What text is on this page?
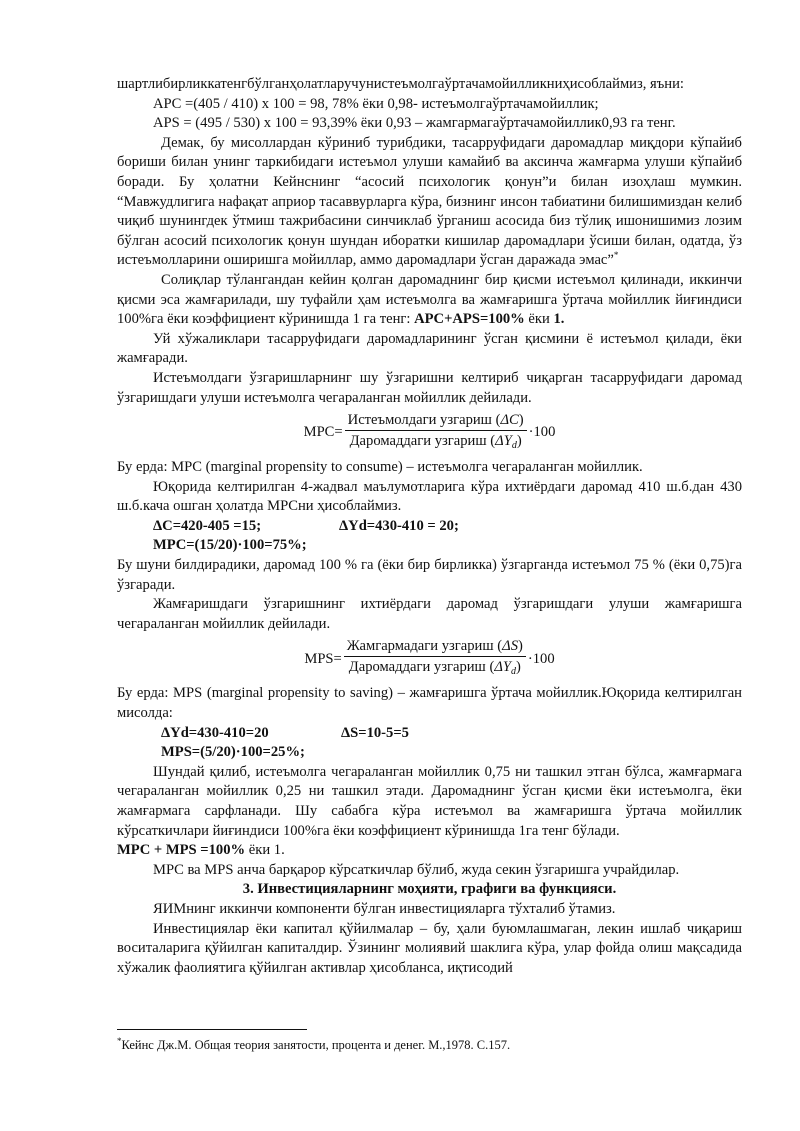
шартлибирликкатенгбўлганҳолатларучунистеъмолгаўртачамойилликниҳисоблаймиз, яъни:

APC =(405 / 410) x 100 = 98, 78% ёки 0,98- истеъмолгаўртачамойиллик;

APS = (495 / 530) x 100 = 93,39% ёки 0,93 – жамгармагаўртачамойиллик0,93 га тенг.

Демак, бу мисоллардан кўриниб турибдики, тасарруфидаги даромадлар миқдори кўпайиб бориши билан унинг таркибидаги истеъмол улуши камайиб ва аксинча жамғарма улуши кўпайиб боради. Бу ҳолатни Кейнснинг “асосий психологик қонун”и билан изоҳлаш мумкин. “Мавжудлигига нафақат априор тасаввурларга кўра, бизнинг инсон табиатини билишимиздан келиб чиқиб шунингдек ўтмиш тажрибасини синчиклаб ўрганиш асосида биз тўлиқ ишонишимиз лозим бўлган асосий психологик қонун шундан иборатки кишилар даромадлари ўсиши билан, одатда, ўз истеъмолларини оширишга мойиллар, аммо даромадлари ўсган даражада эмас”*

Солиқлар тўлангандан кейин қолган даромаднинг бир қисми истеъмол қилинади, иккинчи қисми эса жамғарилади, шу туфайли ҳам истеъмолга ва жамғаришга ўртача мойиллик йиғиндиси 100%га ёки коэффициент кўринишда 1 га тенг: APC+APS=100% ёки 1.

Уй хўжаликлари тасарруфидаги даромадларининг ўсган қисмини ё истеъмол қилади, ёки жамғаради.

Истеъмолдаги ўзгаришларнинг шу ўзгаришни келтириб чиқарган тасарруфидаги даромад ўзгаришдаги улуши истеъмолга чегараланган мойиллик дейилади.

$MPC= \frac{\text{Истеъмолдаги узгариш (ΔC)}}{Даромаддаги узгариш (\Delta Y_d)} \cdot 100$

Бу ерда: MPC (marginal propensity to consume) – истеъмолга чегараланган мойиллик.

Юқорида келтирилган 4-жадвал маълумотларига кўра ихтиёрдаги даромад 410 ш.б.дан 430 ш.б.кача ошган ҳолатда MPCни ҳисоблаймиз.

ΔC=420-405 =15;	ΔYd=430-410 = 20;

MPC=(15/20)·100=75%;

Бу шуни билдирадики, даромад 100 % га (ёки бир бирликка) ўзгарганда истеъмол 75 % (ёки 0,75)га ўзгаради.

Жамғаришдаги ўзгаришнинг ихтиёрдаги даромад ўзгаришдаги улуши жамғаришга чегараланган мойиллик дейилади.

$MPS= \frac{\text{Жамгармадаги узгариш (ΔS)}}{Даромаддаги узгариш (\Delta Y_d)} \cdot 100$

Бу ерда: MPS (marginal propensity to saving) – жамғаришга ўртача мойиллик.Юқорида келтирилган мисолда:

ΔYd=430-410=20	ΔS=10-5=5

MPS=(5/20)·100=25%;

Шундай қилиб, истеъмолга чегараланган мойиллик 0,75 ни ташкил этган бўлса, жамғармага чегараланган мойиллик 0,25 ни ташкил этади. Даромаднинг ўсган қисми ёки истеъмолга, ёки жамғармага сарфланади. Шу сабабга кўра истеъмол ва жамғаришга ўртача мойиллик кўрсаткичлари йиғиндиси 100%га ёки коэффициент кўринишда 1га тенг бўлади.

MPC + MPS =100% ёки 1.

MPC ва MPS анча барқарор кўрсаткичлар бўлиб, жуда секин ўзгаришга учрайдилар.

3. Инвестицияларнинг моҳияти, графиги ва функцияси.

ЯИМнинг иккинчи компоненти бўлган инвестицияларга тўхталиб ўтамиз.

Инвестициялар ёки капитал қўйилмалар – бу, ҳали буюмлашмаган, лекин ишлаб чиқариш воситаларига қўйилган капиталдир. Ўзининг молиявий шаклига кўра, улар фойда олиш мақсадида хўжалик фаолиятига қўйилган активлар ҳисобланса, иқтисодий

*Кейнс Дж.М. Общая теория занятости, процента и денег. М.,1978. С.157.
